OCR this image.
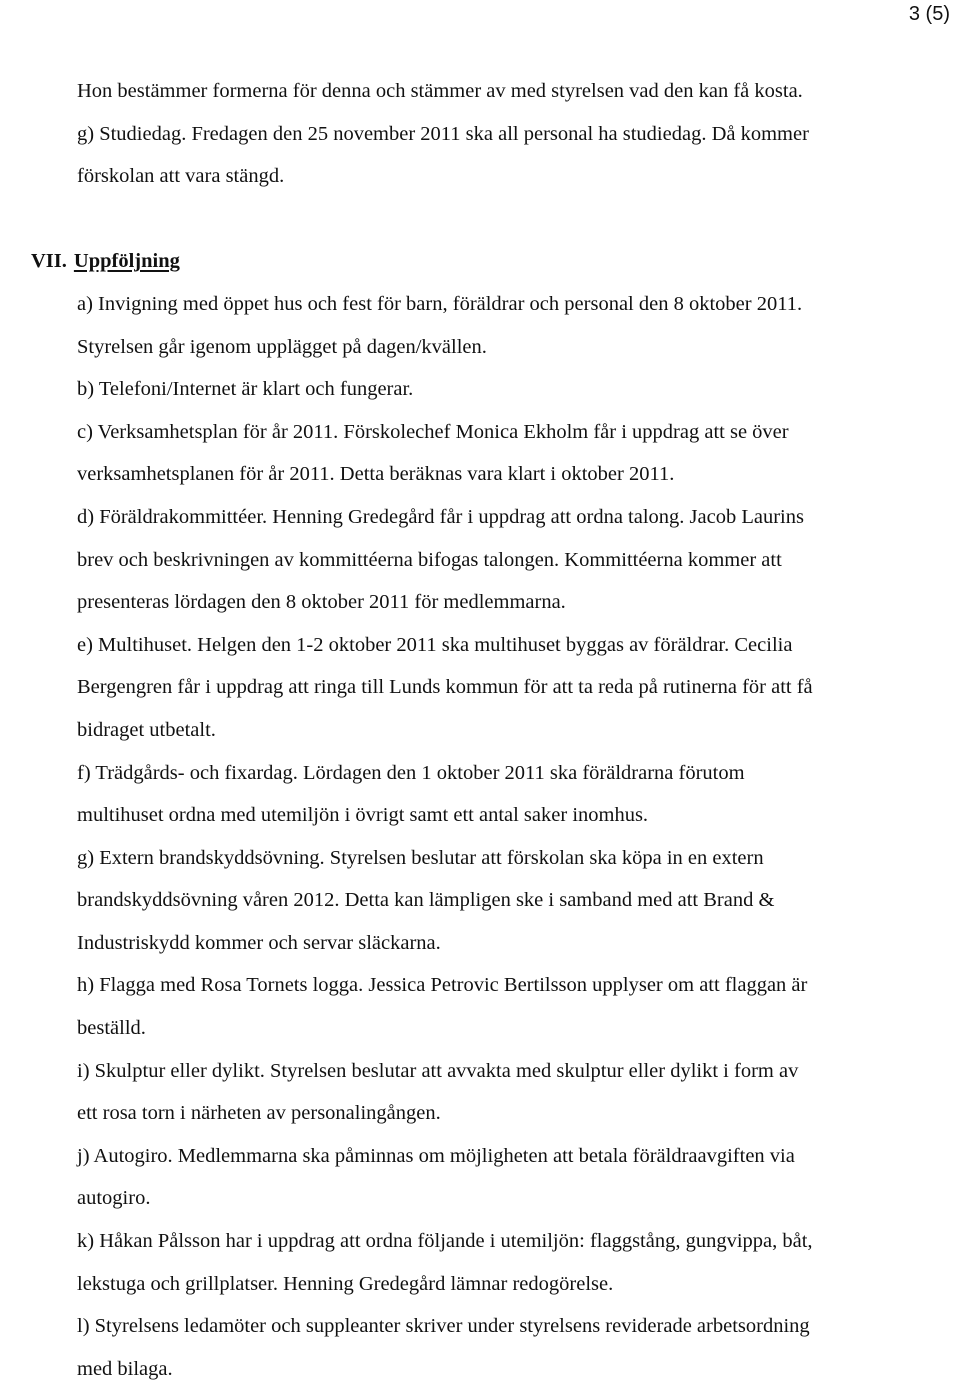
3 (5)
Hon bestämmer formerna för denna och stämmer av med styrelsen vad den kan få kosta.
g) Studiedag. Fredagen den 25 november 2011 ska all personal ha studiedag. Då kommer
förskolan att vara stängd.
VII. Uppföljning
a) Invigning med öppet hus och fest för barn, föräldrar och personal den 8 oktober 2011.
Styrelsen går igenom upplägget på dagen/kvällen.
b) Telefoni/Internet är klart och fungerar.
c) Verksamhetsplan för år 2011. Förskolechef Monica Ekholm får i uppdrag att se över
verksamhetsplanen för år 2011. Detta beräknas vara klart i oktober 2011.
d) Föräldrakommittéer. Henning Gredegård får i uppdrag att ordna talong. Jacob Laurins
brev och beskrivningen av kommittéerna bifogas talongen. Kommittéerna kommer att
presenteras lördagen den 8 oktober 2011 för medlemmarna.
e) Multihuset. Helgen den 1-2 oktober 2011 ska multihuset byggas av föräldrar. Cecilia
Bergengren får i uppdrag att ringa till Lunds kommun för att ta reda på rutinerna för att få
bidraget utbetalt.
f) Trädgårds- och fixardag. Lördagen den 1 oktober 2011 ska föräldrarna förutom
multihuset ordna med utemiljön i övrigt samt ett antal saker inomhus.
g) Extern brandskyddsövning. Styrelsen beslutar att förskolan ska köpa in en extern
brandskyddsövning våren 2012. Detta kan lämpligen ske i samband med att Brand &
Industriskydd kommer och servar släckarna.
h) Flagga med Rosa Tornets logga. Jessica Petrovic Bertilsson upplyser om att flaggan är
beställd.
i) Skulptur eller dylikt. Styrelsen beslutar att avvakta med skulptur eller dylikt i form av
ett rosa torn i närheten av personalingången.
j) Autogiro. Medlemmarna ska påminnas om möjligheten att betala föräldraavgiften via
autogiro.
k) Håkan Pålsson har i uppdrag att ordna följande i utemiljön: flaggstång, gungvippa, båt,
lekstuga och grillplatser. Henning Gredegård lämnar redogörelse.
l) Styrelsens ledamöter och suppleanter skriver under styrelsens reviderade arbetsordning
med bilaga.
